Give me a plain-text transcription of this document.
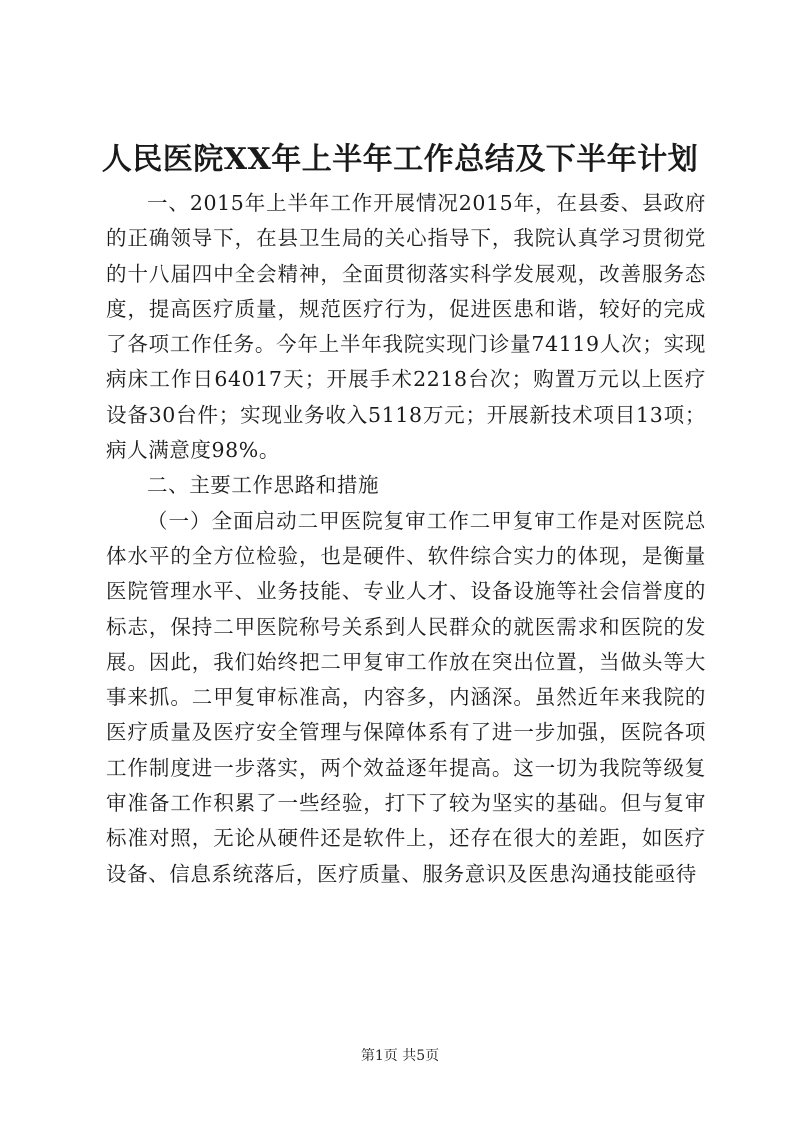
人民医院XX年上半年工作总结及下半年计划

一、2015年上半年工作开展情况2015年，在县委、县政府的正确领导下，在县卫生局的关心指导下，我院认真学习贯彻党的十八届四中全会精神，全面贯彻落实科学发展观，改善服务态度，提高医疗质量，规范医疗行为，促进医患和谐，较好的完成了各项工作任务。今年上半年我院实现门诊量74119人次；实现病床工作日64017天；开展手术2218台次；购置万元以上医疗设备30台件；实现业务收入5118万元；开展新技术项目13项；病人满意度98%。

二、主要工作思路和措施

（一）全面启动二甲医院复审工作二甲复审工作是对医院总体水平的全方位检验，也是硬件、软件综合实力的体现，是衡量医院管理水平、业务技能、专业人才、设备设施等社会信誉度的标志，保持二甲医院称号关系到人民群众的就医需求和医院的发展。因此，我们始终把二甲复审工作放在突出位置，当做头等大事来抓。二甲复审标准高，内容多，内涵深。虽然近年来我院的医疗质量及医疗安全管理与保障体系有了进一步加强，医院各项工作制度进一步落实，两个效益逐年提高。这一切为我院等级复审准备工作积累了一些经验，打下了较为坚实的基础。但与复审标准对照，无论从硬件还是软件上，还存在很大的差距，如医疗设备、信息系统落后，医疗质量、服务意识及医患沟通技能亟待

第1页 共5页
